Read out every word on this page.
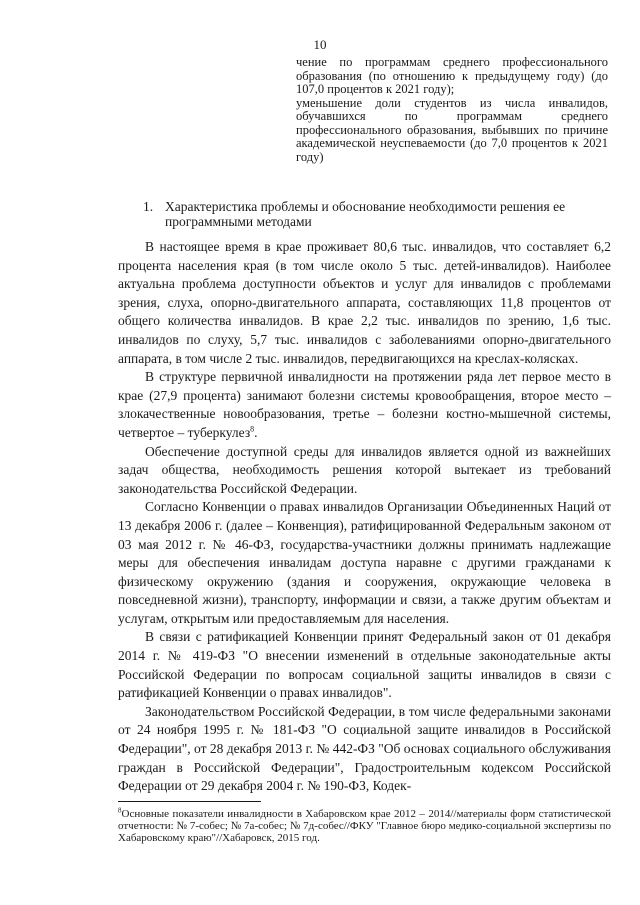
10

чение по программам среднего профессионального образования (по отношению к предыдущему году) (до 107,0 процентов к 2021 году);

уменьшение доли студентов из числа инвалидов, обучавшихся по программам среднего профессионального образования, выбывших по причине академической неуспеваемости (до 7,0 процентов к 2021 году)

1. Характеристика проблемы и обоснование необходимости решения ее программными методами

В настоящее время в крае проживает 80,6 тыс. инвалидов, что составляет 6,2 процента населения края (в том числе около 5 тыс. детей-инвалидов). Наиболее актуальна проблема доступности объектов и услуг для инвалидов с проблемами зрения, слуха, опорно-двигательного аппарата, составляющих 11,8 процентов от общего количества инвалидов. В крае 2,2 тыс. инвалидов по зрению, 1,6 тыс. инвалидов по слуху, 5,7 тыс. инвалидов с заболеваниями опорно-двигательного аппарата, в том числе 2 тыс. инвалидов, передвигающихся на креслах-колясках.

В структуре первичной инвалидности на протяжении ряда лет первое место в крае (27,9 процента) занимают болезни системы кровообращения, второе место – злокачественные новообразования, третье – болезни костно-мышечной системы, четвертое – туберкулез$^8$.

Обеспечение доступной среды для инвалидов является одной из важнейших задач общества, необходимость решения которой вытекает из требований законодательства Российской Федерации.

Согласно Конвенции о правах инвалидов Организации Объединенных Наций от 13 декабря 2006 г. (далее – Конвенция), ратифицированной Федеральным законом от 03 мая 2012 г. № 46-ФЗ, государства-участники должны принимать надлежащие меры для обеспечения инвалидам доступа наравне с другими гражданами к физическому окружению (здания и сооружения, окружающие человека в повседневной жизни), транспорту, информации и связи, а также другим объектам и услугам, открытым или предоставляемым для населения.

В связи с ратификацией Конвенции принят Федеральный закон от 01 декабря 2014 г. № 419-ФЗ "О внесении изменений в отдельные законодательные акты Российской Федерации по вопросам социальной защиты инвалидов в связи с ратификацией Конвенции о правах инвалидов".

Законодательством Российской Федерации, в том числе федеральными законами от 24 ноября 1995 г. № 181-ФЗ "О социальной защите инвалидов в Российской Федерации", от 28 декабря 2013 г. № 442-ФЗ "Об основах социального обслуживания граждан в Российской Федерации", Градостроительным кодексом Российской Федерации от 29 декабря 2004 г. № 190-ФЗ, Кодек-

$^8$Основные показатели инвалидности в Хабаровском крае 2012 – 2014//материалы форм статистической отчетности: № 7-собес; № 7а-собес; № 7д-собес//ФКУ "Главное бюро медико-социальной экспертизы по Хабаровскому краю"//Хабаровск, 2015 год.
